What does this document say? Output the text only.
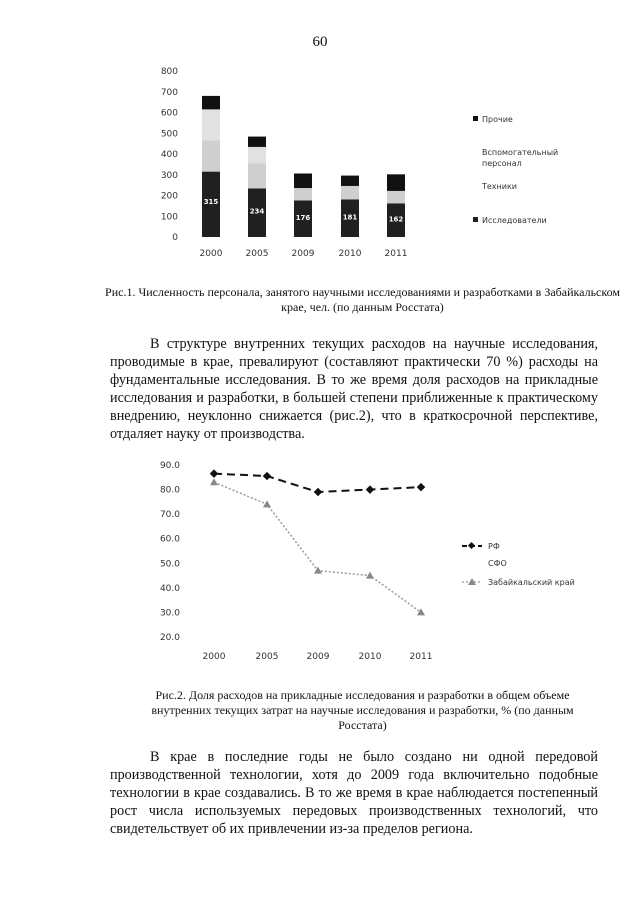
60
0
100
200
300
400
500
600
700
800
2000	2005	2009	2010	2011
315
234
176	181	162
Прочие
Вспомогательный персонал
Техники
Исследователи
20.0
30.0
40.0
50.0
60.0
70.0
80.0
90.0
2000	2005	2009	2010	2011
РФ
СФО
Забайкальский край
Рис.1. Численность персонала, занятого научными исследованиями и разработками в Забайкальском крае, чел. (по данным Росстата)
В структуре внутренних текущих расходов на научные исследования, проводимые в крае, превалируют (составляют практически 70 %) расходы на фундаментальные исследования. В то же время доля расходов на прикладные исследования и разработки, в большей степени приближенные к практическому внедрению, неуклонно снижается (рис.2), что в краткосрочной перспективе, отдаляет науку от производства.
Рис.2. Доля расходов на прикладные исследования и разработки в общем объеме внутренних текущих затрат на научные исследования и разработки, % (по данным Росстата)
В крае в последние годы не было создано ни одной передовой производственной технологии, хотя до 2009 года включительно подобные технологии в крае создавались. В то же время в крае наблюдается постепенный рост числа используемых передовых производственных технологий, что свидетельствует об их привлечении из-за пределов региона.
